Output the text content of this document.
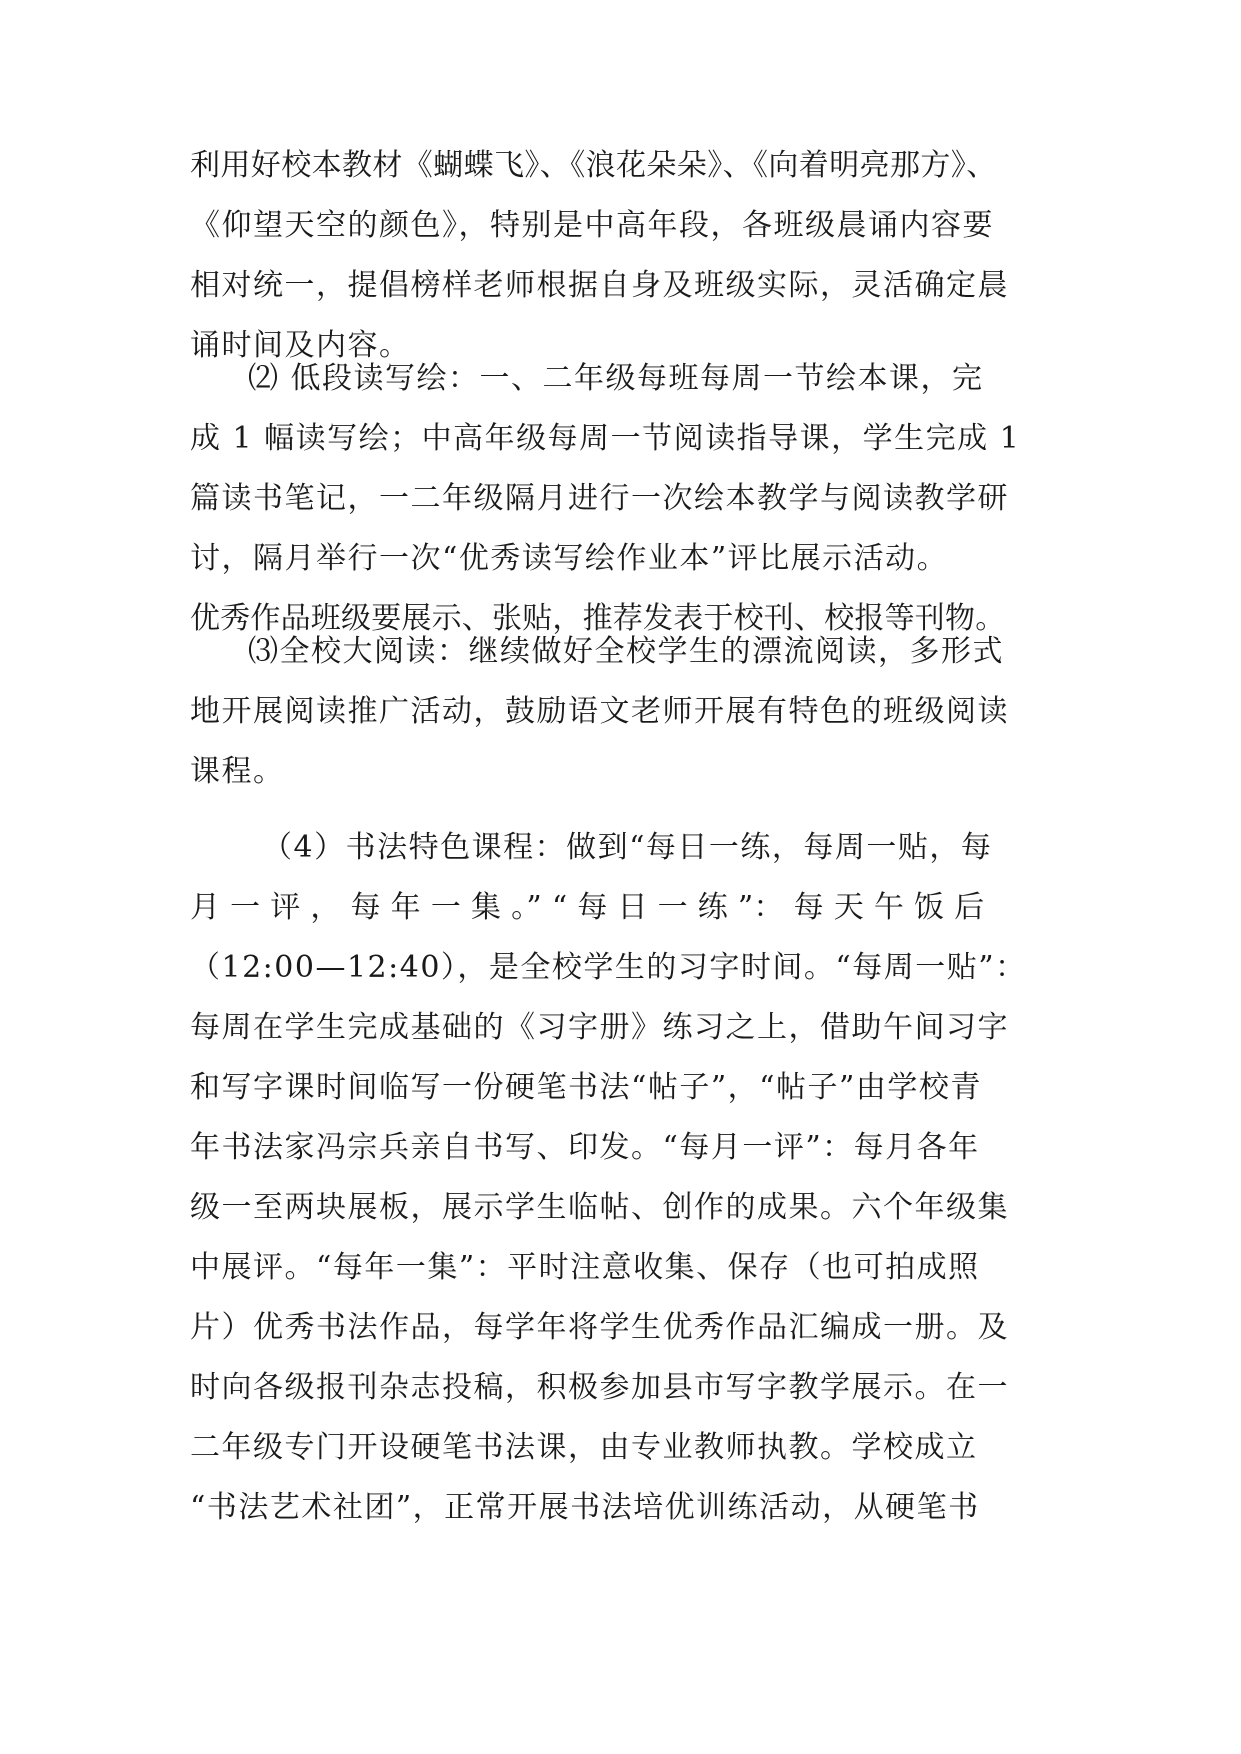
利用好校本教材《蝴蝶飞》、《浪花朵朵》、《向着明亮那方》、
《仰望天空的颜色》，特别是中高年段，各班级晨诵内容要
相对统一，提倡榜样老师根据自身及班级实际，灵活确定晨
诵时间及内容。
⑵ 低段读写绘：一、二年级每班每周一节绘本课，完
成 1 幅读写绘；中高年级每周一节阅读指导课，学生完成 1
篇读书笔记，一二年级隔月进行一次绘本教学与阅读教学研
讨，隔月举行一次“优秀读写绘作业本”评比展示活动。
优秀作品班级要展示、张贴，推荐发表于校刊、校报等刊物。
⑶全校大阅读：继续做好全校学生的漂流阅读，多形式
地开展阅读推广活动，鼓励语文老师开展有特色的班级阅读
课程。
（4）书法特色课程：做到“每日一练，每周一贴，每
月 一 评 ， 每 年 一 集 。” “ 每 日 一 练 ”： 每 天 午 饭 后
（12:00—12:40），是全校学生的习字时间。“每周一贴”：
每周在学生完成基础的《习字册》练习之上，借助午间习字
和写字课时间临写一份硬笔书法“帖子”，“帖子”由学校青
年书法家冯宗兵亲自书写、印发。“每月一评”：每月各年
级一至两块展板，展示学生临帖、创作的成果。六个年级集
中展评。“每年一集”：平时注意收集、保存（也可拍成照
片）优秀书法作品，每学年将学生优秀作品汇编成一册。及
时向各级报刊杂志投稿，积极参加县市写字教学展示。在一
二年级专门开设硬笔书法课，由专业教师执教。学校成立
“书法艺术社团”，正常开展书法培优训练活动，从硬笔书
